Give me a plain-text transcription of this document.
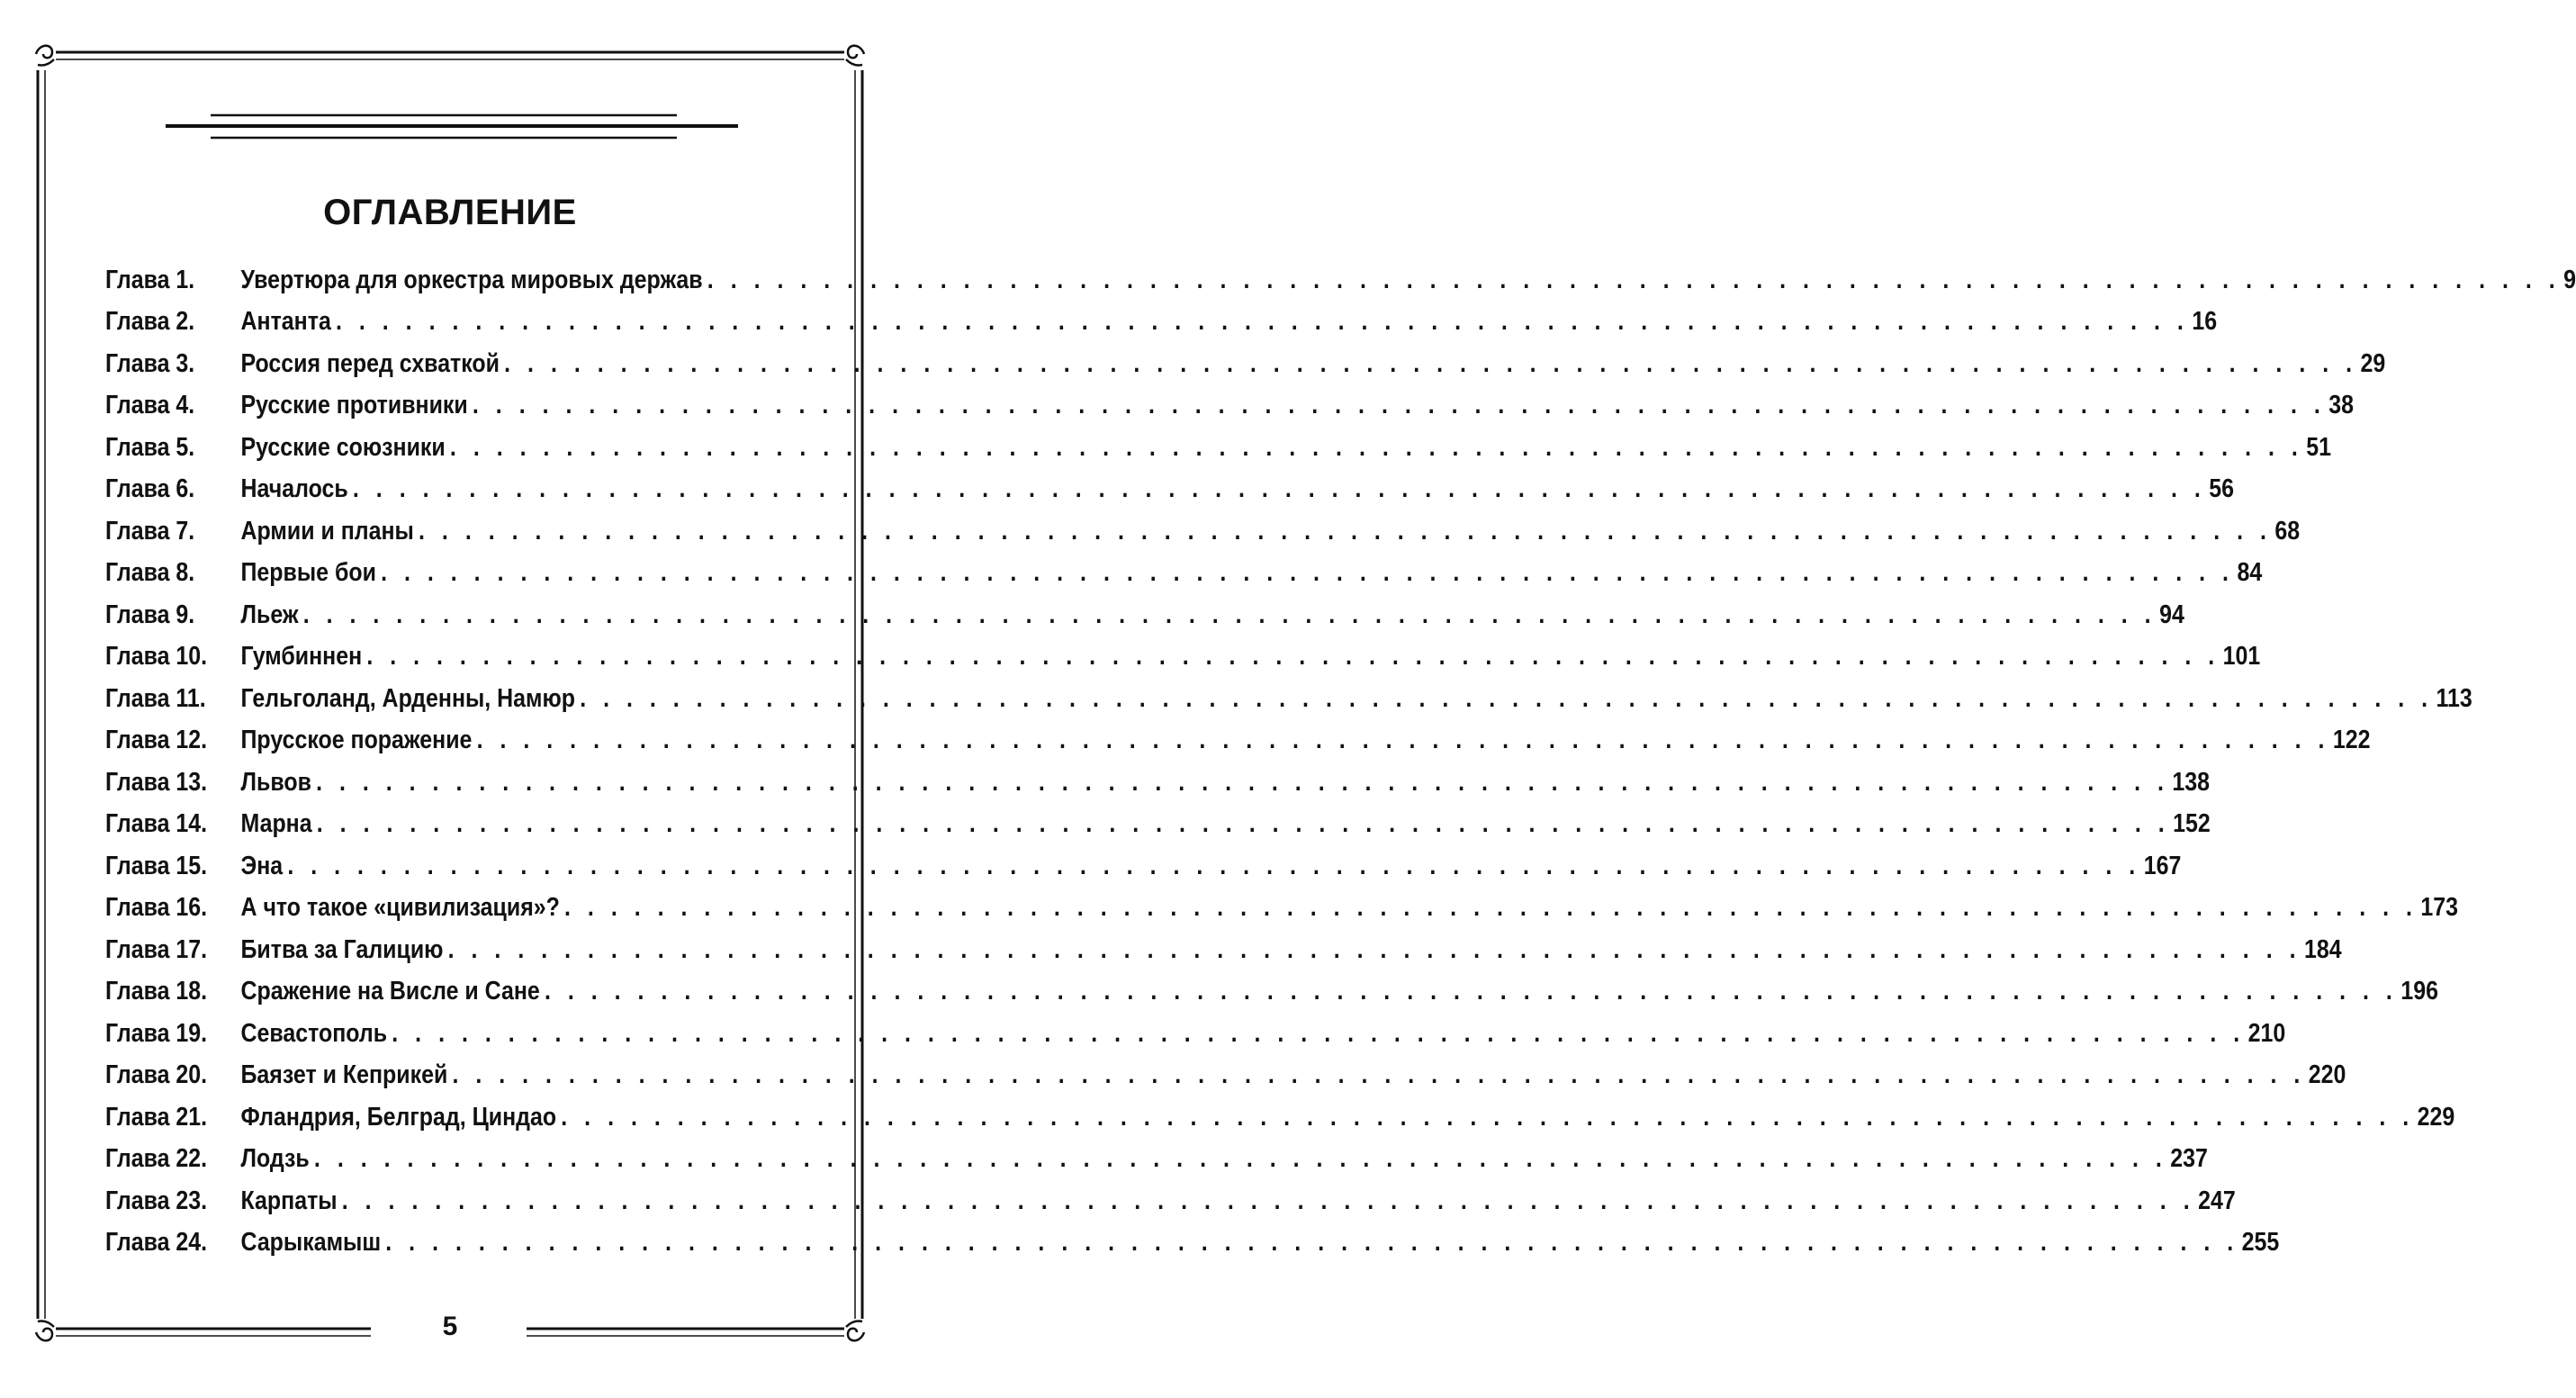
ОГЛАВЛЕНИЕ
Глава 1.	Увертюра для оркестра мировых держав . . . . . . . . . . . . . . . . . . . . . . . . . . . . . . . . . . . . . . . . . . . . . . . . . . . . . . . . . . . . . . . . . . . . . . . . . . . . . . . . 9
Глава 2.	Антанта . . . . . . . . . . . . . . . . . . . . . . . . . . . . . . . . . . . . . . . . . . . . . . . . . . . . . . . . . . . . . . . . . . . . . . . . . . . . . . . . 16
Глава 3.	Россия перед схваткой . . . . . . . . . . . . . . . . . . . . . . . . . . . . . . . . . . . . . . . . . . . . . . . . . . . . . . . . . . . . . . . . . . . . . . . . . . . . . . . . 29
Глава 4.	Русские противники . . . . . . . . . . . . . . . . . . . . . . . . . . . . . . . . . . . . . . . . . . . . . . . . . . . . . . . . . . . . . . . . . . . . . . . . . . . . . . . . 38
Глава 5.	Русские союзники . . . . . . . . . . . . . . . . . . . . . . . . . . . . . . . . . . . . . . . . . . . . . . . . . . . . . . . . . . . . . . . . . . . . . . . . . . . . . . . . 51
Глава 6.	Началось . . . . . . . . . . . . . . . . . . . . . . . . . . . . . . . . . . . . . . . . . . . . . . . . . . . . . . . . . . . . . . . . . . . . . . . . . . . . . . . . 56
Глава 7.	Армии и планы . . . . . . . . . . . . . . . . . . . . . . . . . . . . . . . . . . . . . . . . . . . . . . . . . . . . . . . . . . . . . . . . . . . . . . . . . . . . . . . . 68
Глава 8.	Первые бои . . . . . . . . . . . . . . . . . . . . . . . . . . . . . . . . . . . . . . . . . . . . . . . . . . . . . . . . . . . . . . . . . . . . . . . . . . . . . . . . 84
Глава 9.	Льеж . . . . . . . . . . . . . . . . . . . . . . . . . . . . . . . . . . . . . . . . . . . . . . . . . . . . . . . . . . . . . . . . . . . . . . . . . . . . . . . . 94
Глава 10.	Гумбиннен . . . . . . . . . . . . . . . . . . . . . . . . . . . . . . . . . . . . . . . . . . . . . . . . . . . . . . . . . . . . . . . . . . . . . . . . . . . . . . . . 101
Глава 11.	Гельголанд, Арденны, Намюр . . . . . . . . . . . . . . . . . . . . . . . . . . . . . . . . . . . . . . . . . . . . . . . . . . . . . . . . . . . . . . . . . . . . . . . . . . . . . . . . 113
Глава 12.	Прусское поражение . . . . . . . . . . . . . . . . . . . . . . . . . . . . . . . . . . . . . . . . . . . . . . . . . . . . . . . . . . . . . . . . . . . . . . . . . . . . . . . . 122
Глава 13.	Львов . . . . . . . . . . . . . . . . . . . . . . . . . . . . . . . . . . . . . . . . . . . . . . . . . . . . . . . . . . . . . . . . . . . . . . . . . . . . . . . . 138
Глава 14.	Марна . . . . . . . . . . . . . . . . . . . . . . . . . . . . . . . . . . . . . . . . . . . . . . . . . . . . . . . . . . . . . . . . . . . . . . . . . . . . . . . . 152
Глава 15.	Эна . . . . . . . . . . . . . . . . . . . . . . . . . . . . . . . . . . . . . . . . . . . . . . . . . . . . . . . . . . . . . . . . . . . . . . . . . . . . . . . . 167
Глава 16.	А что такое «цивилизация»? . . . . . . . . . . . . . . . . . . . . . . . . . . . . . . . . . . . . . . . . . . . . . . . . . . . . . . . . . . . . . . . . . . . . . . . . . . . . . . . . 173
Глава 17.	Битва за Галицию . . . . . . . . . . . . . . . . . . . . . . . . . . . . . . . . . . . . . . . . . . . . . . . . . . . . . . . . . . . . . . . . . . . . . . . . . . . . . . . . 184
Глава 18.	Сражение на Висле и Сане . . . . . . . . . . . . . . . . . . . . . . . . . . . . . . . . . . . . . . . . . . . . . . . . . . . . . . . . . . . . . . . . . . . . . . . . . . . . . . . . 196
Глава 19.	Севастополь . . . . . . . . . . . . . . . . . . . . . . . . . . . . . . . . . . . . . . . . . . . . . . . . . . . . . . . . . . . . . . . . . . . . . . . . . . . . . . . . 210
Глава 20.	Баязет и Кеприкей . . . . . . . . . . . . . . . . . . . . . . . . . . . . . . . . . . . . . . . . . . . . . . . . . . . . . . . . . . . . . . . . . . . . . . . . . . . . . . . . 220
Глава 21.	Фландрия, Белград, Циндао . . . . . . . . . . . . . . . . . . . . . . . . . . . . . . . . . . . . . . . . . . . . . . . . . . . . . . . . . . . . . . . . . . . . . . . . . . . . . . . . 229
Глава 22.	Лодзь . . . . . . . . . . . . . . . . . . . . . . . . . . . . . . . . . . . . . . . . . . . . . . . . . . . . . . . . . . . . . . . . . . . . . . . . . . . . . . . . 237
Глава 23.	Карпаты . . . . . . . . . . . . . . . . . . . . . . . . . . . . . . . . . . . . . . . . . . . . . . . . . . . . . . . . . . . . . . . . . . . . . . . . . . . . . . . . 247
Глава 24.	Сарыкамыш . . . . . . . . . . . . . . . . . . . . . . . . . . . . . . . . . . . . . . . . . . . . . . . . . . . . . . . . . . . . . . . . . . . . . . . . . . . . . . . . 255
5
